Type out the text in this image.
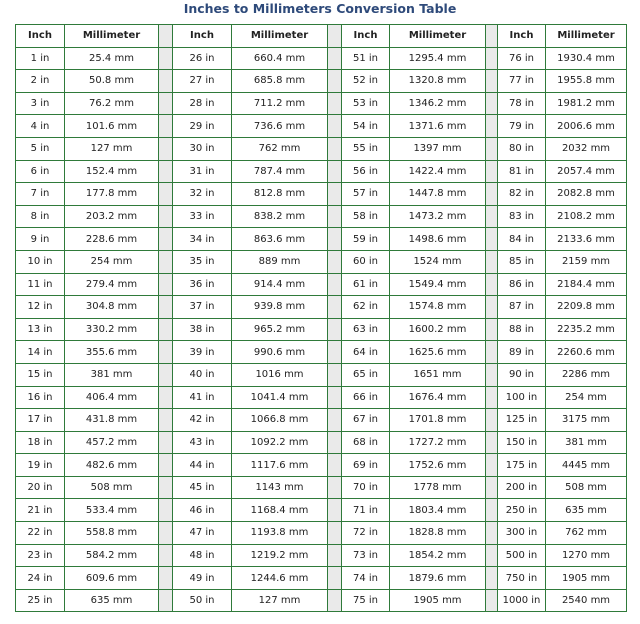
Inches to Millimeters Conversion Table
Inch	Millimeter		Inch	Millimeter		Inch	Millimeter		Inch	Millimeter
1 in	25.4 mm		26 in	660.4 mm		51 in	1295.4 mm		76 in	1930.4 mm
2 in	50.8 mm		27 in	685.8 mm		52 in	1320.8 mm		77 in	1955.8 mm
3 in	76.2 mm		28 in	711.2 mm		53 in	1346.2 mm		78 in	1981.2 mm
4 in	101.6 mm		29 in	736.6 mm		54 in	1371.6 mm		79 in	2006.6 mm
5 in	127 mm		30 in	762 mm		55 in	1397 mm		80 in	2032 mm
6 in	152.4 mm		31 in	787.4 mm		56 in	1422.4 mm		81 in	2057.4 mm
7 in	177.8 mm		32 in	812.8 mm		57 in	1447.8 mm		82 in	2082.8 mm
8 in	203.2 mm		33 in	838.2 mm		58 in	1473.2 mm		83 in	2108.2 mm
9 in	228.6 mm		34 in	863.6 mm		59 in	1498.6 mm		84 in	2133.6 mm
10 in	254 mm		35 in	889 mm		60 in	1524 mm		85 in	2159 mm
11 in	279.4 mm		36 in	914.4 mm		61 in	1549.4 mm		86 in	2184.4 mm
12 in	304.8 mm		37 in	939.8 mm		62 in	1574.8 mm		87 in	2209.8 mm
13 in	330.2 mm		38 in	965.2 mm		63 in	1600.2 mm		88 in	2235.2 mm
14 in	355.6 mm		39 in	990.6 mm		64 in	1625.6 mm		89 in	2260.6 mm
15 in	381 mm		40 in	1016 mm		65 in	1651 mm		90 in	2286 mm
16 in	406.4 mm		41 in	1041.4 mm		66 in	1676.4 mm		100 in	254 mm
17 in	431.8 mm		42 in	1066.8 mm		67 in	1701.8 mm		125 in	3175 mm
18 in	457.2 mm		43 in	1092.2 mm		68 in	1727.2 mm		150 in	381 mm
19 in	482.6 mm		44 in	1117.6 mm		69 in	1752.6 mm		175 in	4445 mm
20 in	508 mm		45 in	1143 mm		70 in	1778 mm		200 in	508 mm
21 in	533.4 mm		46 in	1168.4 mm		71 in	1803.4 mm		250 in	635 mm
22 in	558.8 mm		47 in	1193.8 mm		72 in	1828.8 mm		300 in	762 mm
23 in	584.2 mm		48 in	1219.2 mm		73 in	1854.2 mm		500 in	1270 mm
24 in	609.6 mm		49 in	1244.6 mm		74 in	1879.6 mm		750 in	1905 mm
25 in	635 mm		50 in	127 mm		75 in	1905 mm		1000 in	2540 mm
